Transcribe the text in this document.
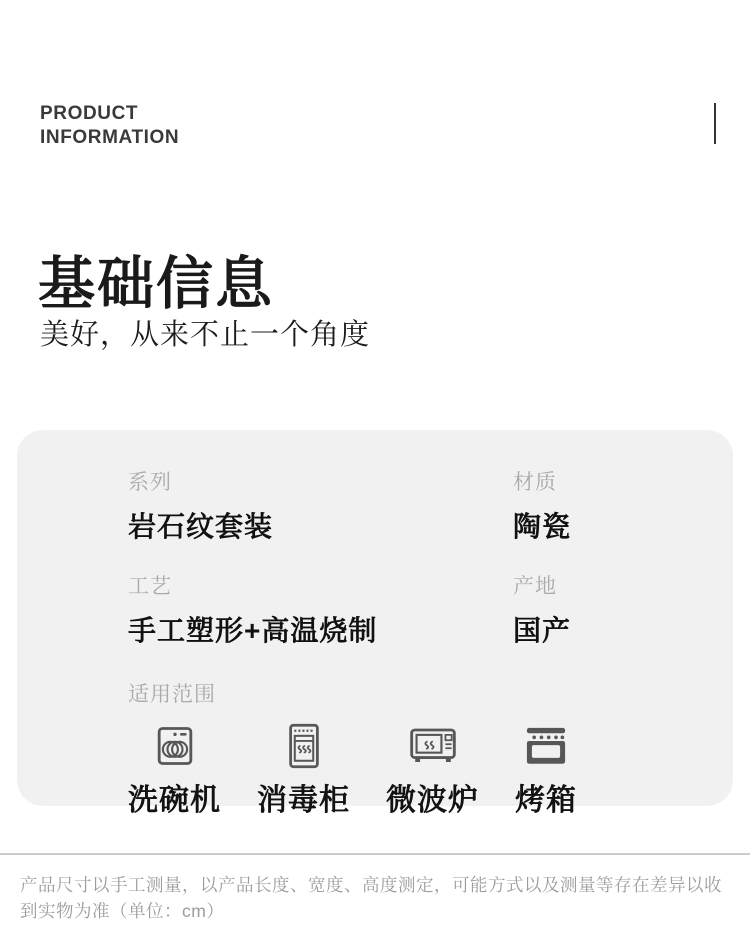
PRODUCT
INFORMATION
基础信息
美好，从来不止一个角度
系列
岩石纹套装
材质
陶瓷
工艺
手工塑形+高温烧制
产地
国产
适用范围
洗碗机 消毒柜 微波炉 烤箱
产品尺寸以手工测量，以产品长度、宽度、高度测定，可能方式以及测量等存在差异以收到实物为准（单位：cm）
